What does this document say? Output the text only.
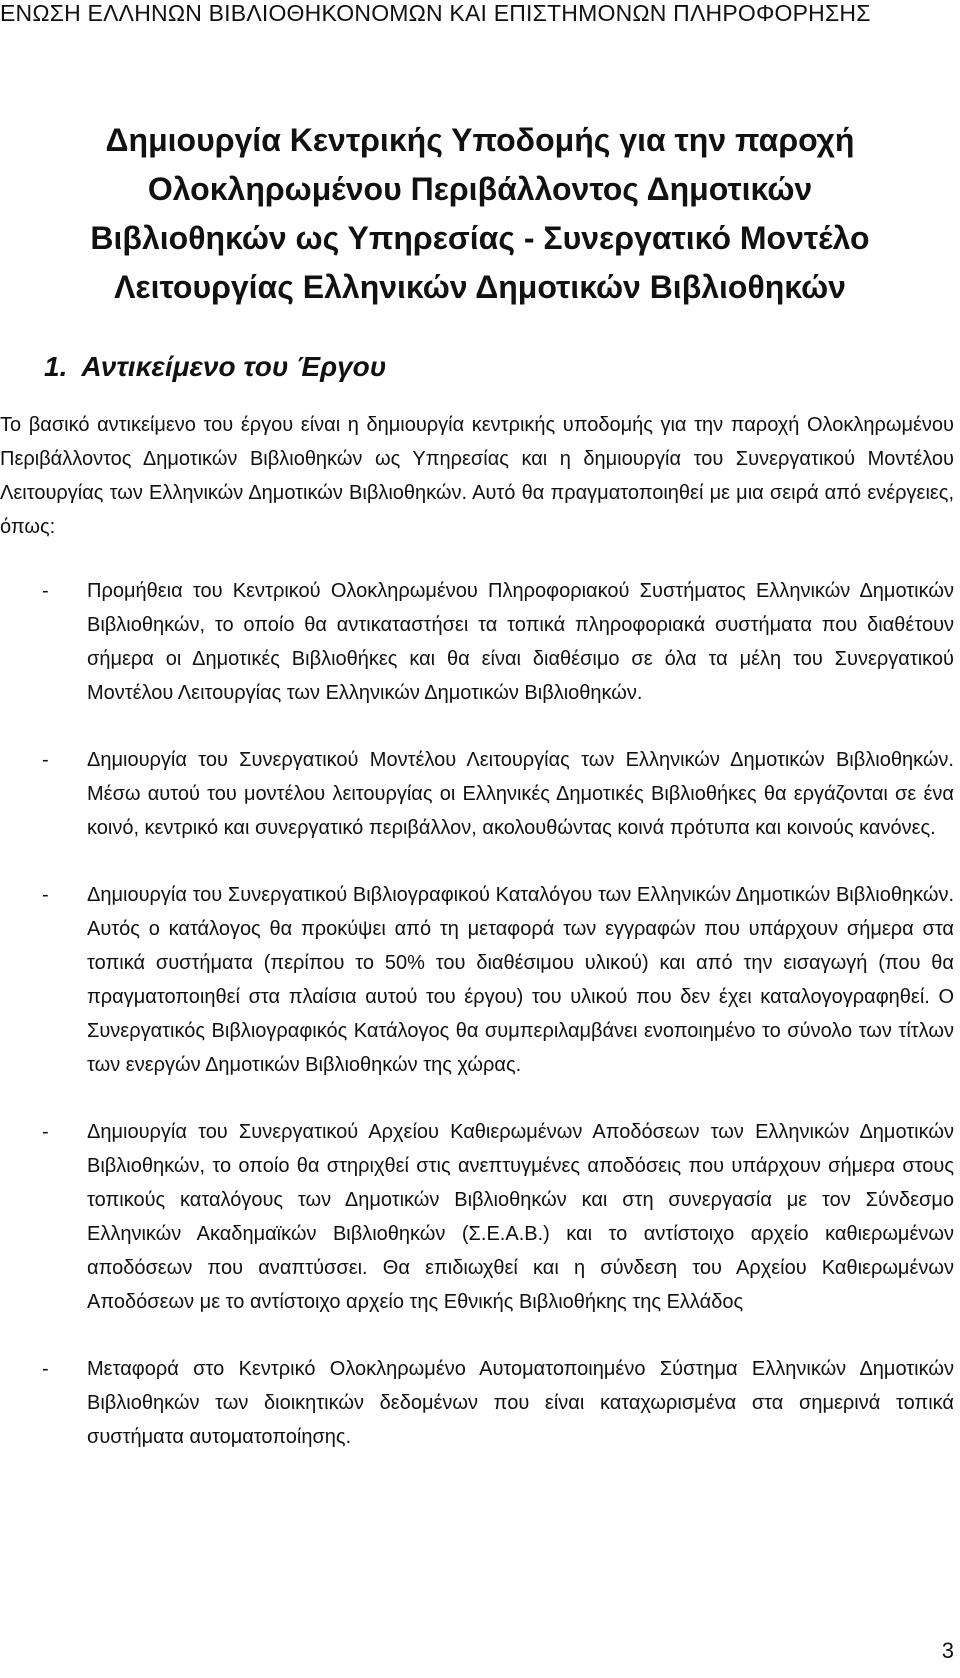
ΕΝΩΣΗ ΕΛΛΗΝΩΝ ΒΙΒΛΙΟΘΗΚΟΝΟΜΩΝ ΚΑΙ ΕΠΙΣΤΗΜΟΝΩΝ ΠΛΗΡΟΦΟΡΗΣΗΣ
Δημιουργία Κεντρικής Υποδομής για την παροχή Ολοκληρωμένου Περιβάλλοντος Δημοτικών Βιβλιοθηκών ως Υπηρεσίας - Συνεργατικό Μοντέλο Λειτουργίας Ελληνικών Δημοτικών Βιβλιοθηκών
1. Αντικείμενο του Έργου

Το βασικό αντικείμενο του έργου είναι η δημιουργία κεντρικής υποδομής για την παροχή Ολοκληρωμένου Περιβάλλοντος Δημοτικών Βιβλιοθηκών ως Υπηρεσίας και η δημιουργία του Συνεργατικού Μοντέλου Λειτουργίας των Ελληνικών Δημοτικών Βιβλιοθηκών. Αυτό θα πραγματοποιηθεί με μια σειρά από ενέργειες, όπως:

- Προμήθεια του Κεντρικού Ολοκληρωμένου Πληροφοριακού Συστήματος Ελληνικών Δημοτικών Βιβλιοθηκών, το οποίο θα αντικαταστήσει τα τοπικά πληροφοριακά συστήματα που διαθέτουν σήμερα οι Δημοτικές Βιβλιοθήκες και θα είναι διαθέσιμο σε όλα τα μέλη του Συνεργατικού Μοντέλου Λειτουργίας των Ελληνικών Δημοτικών Βιβλιοθηκών.
- Δημιουργία του Συνεργατικού Μοντέλου Λειτουργίας των Ελληνικών Δημοτικών Βιβλιοθηκών. Μέσω αυτού του μοντέλου λειτουργίας οι Ελληνικές Δημοτικές Βιβλιοθήκες θα εργάζονται σε ένα κοινό, κεντρικό και συνεργατικό περιβάλλον, ακολουθώντας κοινά πρότυπα και κοινούς κανόνες.
- Δημιουργία του Συνεργατικού Βιβλιογραφικού Καταλόγου των Ελληνικών Δημοτικών Βιβλιοθηκών. Αυτός ο κατάλογος θα προκύψει από τη μεταφορά των εγγραφών που υπάρχουν σήμερα στα τοπικά συστήματα (περίπου το 50% του διαθέσιμου υλικού) και από την εισαγωγή (που θα πραγματοποιηθεί στα πλαίσια αυτού του έργου) του υλικού που δεν έχει καταλογογραφηθεί. Ο Συνεργατικός Βιβλιογραφικός Κατάλογος θα συμπεριλαμβάνει ενοποιημένο το σύνολο των τίτλων των ενεργών Δημοτικών Βιβλιοθηκών της χώρας.
- Δημιουργία του Συνεργατικού Αρχείου Καθιερωμένων Αποδόσεων των Ελληνικών Δημοτικών Βιβλιοθηκών, το οποίο θα στηριχθεί στις ανεπτυγμένες αποδόσεις που υπάρχουν σήμερα στους τοπικούς καταλόγους των Δημοτικών Βιβλιοθηκών και στη συνεργασία με τον Σύνδεσμο Ελληνικών Ακαδημαϊκών Βιβλιοθηκών (Σ.Ε.Α.Β.) και το αντίστοιχο αρχείο καθιερωμένων αποδόσεων που αναπτύσσει. Θα επιδιωχθεί και η σύνδεση του Αρχείου Καθιερωμένων Αποδόσεων με το αντίστοιχο αρχείο της Εθνικής Βιβλιοθήκης της Ελλάδος
- Μεταφορά στο Κεντρικό Ολοκληρωμένο Αυτοματοποιημένο Σύστημα Ελληνικών Δημοτικών Βιβλιοθηκών των διοικητικών δεδομένων που είναι καταχωρισμένα στα σημερινά τοπικά συστήματα αυτοματοποίησης.
3
